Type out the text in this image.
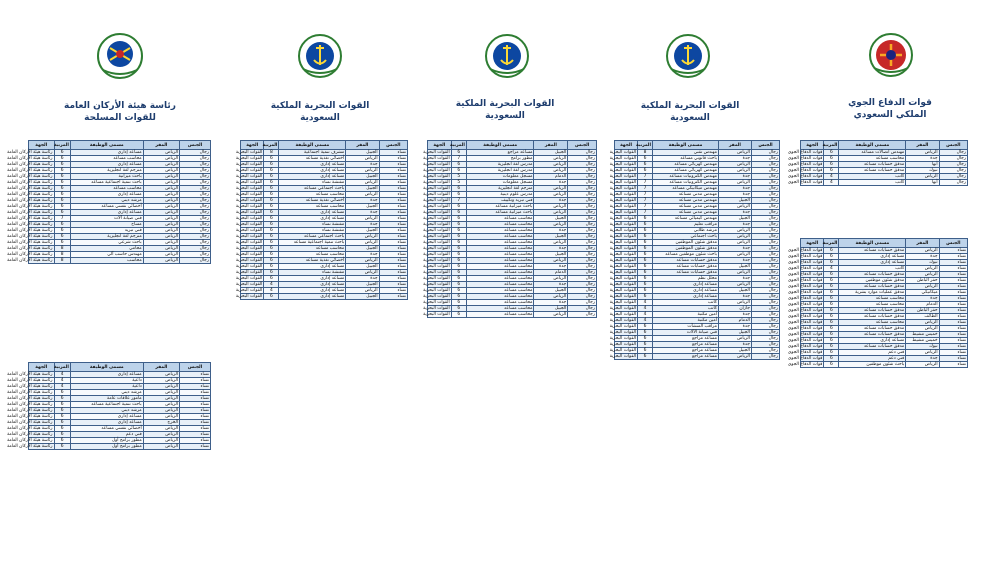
قوات الدفاع الجوي
الملكي السعودي
الجنس	المقر	مسمى الوظيفة	المرتبة	الجهة
رجال	الرياض	مهندس اتصالات مساعد	6	قوات الدفاع الجوي
رجال	جدة	محاسب مساعد	6	قوات الدفاع الجوي
رجال	أبها	مدقق حسابات مساعد	6	قوات الدفاع الجوي
رجال	تبوك	مدقق حسابات مساعد	6	قوات الدفاع الجوي
رجال	الرياض	كاتب	4	قوات الدفاع الجوي
رجال	أبها	كاتب	4	قوات الدفاع الجوي
الجنس	المقر	مسمى الوظيفة	المرتبة	الجهة
نساء	الرياض	مدقق حسابات مساعد	6	قوات الدفاع الجوي
نساء	جدة	مساعد إداري	6	قوات الدفاع الجوي
نساء	تبوك	مساعد إداري	6	قوات الدفاع الجوي
نساء	الرياض	كاتب	4	قوات الدفاع الجوي
نساء	الرياض	مدقق حسابات مساعد	6	قوات الدفاع الجوي
نساء	حفر الباطن	مدقق شئون موظفين	6	قوات الدفاع الجوي
نساء	الرياض	مدقق حسابات مساعد	6	قوات الدفاع الجوي
نساء	ميكانيكي	مدقق عمليات موارد بشرية	6	قوات الدفاع الجوي
نساء	جدة	محاسب مساعد	6	قوات الدفاع الجوي
نساء	الدمام	محاسب مساعد	6	قوات الدفاع الجوي
نساء	حفر الباطن	مدقق حسابات مساعد	6	قوات الدفاع الجوي
نساء	الطائف	مدقق حسابات مساعد	6	قوات الدفاع الجوي
نساء	الرياض	محاسب مساعد	6	قوات الدفاع الجوي
نساء	الرياض	مدقق حسابات مساعد	6	قوات الدفاع الجوي
نساء	خميس مشيط	مدقق حسابات مساعد	6	قوات الدفاع الجوي
نساء	خميس مشيط	مساعد إداري	6	قوات الدفاع الجوي
نساء	تبوك	مدقق حسابات مساعد	6	قوات الدفاع الجوي
نساء	الرياض	فني دعم	6	قوات الدفاع الجوي
نساء	جدة	فني دعم	6	قوات الدفاع الجوي
نساء	الرياض	باحث شئون موظفين	6	قوات الدفاع الجوي
القوات البحرية الملكية
السعودية
الجنس	المقر	مسمى الوظيفة	المرتبة	الجهة
رجال	الرياض	مهندس تقني	8	القوات البحرية
رجال	جدة	باحث قانوني مساعد	6	القوات البحرية
رجال	الرياض	مهندس كهربائي مساعد	6	القوات البحرية
رجال	الرياض	مهندس كهربائي مساعد	6	القوات البحرية
رجال	جدة	مهندس الكترونيات مساعد	7	القوات البحرية
رجال	الرياض	مهندس الكترونيات مساعد	7	القوات البحرية
رجال	جدة	مهندس ميكانيكي مساعد	7	القوات البحرية
رجال	جدة	مهندس مدني مساعد	7	القوات البحرية
رجال	الجبيل	مهندس مدني مساعد	7	القوات البحرية
رجال	الرياض	مهندس مدني مساعد	7	القوات البحرية
رجال	جدة	مهندس مدني مساعد	7	القوات البحرية
رجال	الجبيل	مهندس كيميائي مساعد	6	القوات البحرية
رجال	جدة	مراقب تعليم	6	القوات البحرية
رجال	الرياض	مرشد طلابي	6	القوات البحرية
رجال	الرياض	باحث اجتماعي	6	القوات البحرية
رجال	الرياض	مدقق شئون الموظفين	6	القوات البحرية
رجال	جدة	مدقق شئون الموظفين	6	القوات البحرية
رجال	الرياض	باحث شئون موظفين مساعد	6	القوات البحرية
رجال	جدة	مدقق حسابات مساعد	6	القوات البحرية
رجال	الجبيل	مدقق حسابات مساعد	6	القوات البحرية
رجال	الرياض	مدقق حسابات مساعد	6	القوات البحرية
رجال	جدة	محلل نظم	6	القوات البحرية
رجال	الرياض	مساعد إداري	6	القوات البحرية
رجال	الجبيل	مساعد إداري	6	القوات البحرية
رجال	جدة	مساعد إداري	6	القوات البحرية
رجال	الرياض	كاتب	4	القوات البحرية
رجال	جازان	كاتب	4	القوات البحرية
رجال	جدة	أمين مكتبة	4	القوات البحرية
رجال	الدمام	أمين مكتبة	4	القوات البحرية
رجال	جدة	مراقب المنشآت	6	القوات البحرية
رجال	الجبيل	فني صيانة الآلات	6	القوات البحرية
رجال	الرياض	مساعد مراجع	6	القوات البحرية
رجال	جدة	مساعد مراجع	6	القوات البحرية
رجال	الجبيل	مساعد مراجع	6	القوات البحرية
رجال	الرياض	مساعد مراجع	6	القوات البحرية
القوات البحرية الملكية
السعودية
الجنس	المقر	مسمى الوظيفة	المرتبة	الجهة
رجال	الجبيل	مساعد مراجع	6	القوات البحرية
رجال	الرياض	مطور برامج	7	القوات البحرية
رجال	الرياض	مدرس لغة انجليزية	6	القوات البحرية
رجال	الرياض	مدرس لغة انجليزية	6	القوات البحرية
رجال	الدمام	مسجل معلومات	5	القوات البحرية
رجال	جدة	مسجل معلومات	5	القوات البحرية
رجال	الرياض	مترجم لغة انجليزية	6	القوات البحرية
رجال	الرياض	مدرس علوم دينية	6	القوات البحرية
رجال	جدة	فني تبريد وتكييف	7	القوات البحرية
رجال	الرياض	باحث ميزانية مساعد	6	القوات البحرية
رجال	الرياض	باحث ميزانية مساعد	6	القوات البحرية
رجال	الجبيل	محاسب مساعد	6	القوات البحرية
رجال	الرياض	محاسب مساعد	6	القوات البحرية
رجال	جدة	محاسب مساعد	6	القوات البحرية
رجال	الجبيل	محاسب مساعد	6	القوات البحرية
رجال	الرياض	محاسب مساعد	6	القوات البحرية
رجال	جدة	محاسب مساعد	6	القوات البحرية
رجال	الجبيل	محاسب مساعد	6	القوات البحرية
رجال	الرياض	محاسب مساعد	6	القوات البحرية
رجال	جدة	محاسب مساعد	6	القوات البحرية
رجال	الدمام	محاسب مساعد	6	القوات البحرية
رجال	الرياض	محاسب مساعد	6	القوات البحرية
رجال	جدة	محاسب مساعد	6	القوات البحرية
رجال	الجبيل	محاسب مساعد	6	القوات البحرية
رجال	الرياض	محاسب مساعد	6	القوات البحرية
رجال	جدة	محاسب مساعد	6	القوات البحرية
رجال	الجبيل	محاسب مساعد	6	القوات البحرية
رجال	الرياض	محاسب مساعد	6	القوات البحرية
القوات البحرية الملكية
السعودية
الجنس	المقر	مسمى الوظيفة	المرتبة	الجهة
نساء	الجبيل	مشرف تنمية اجتماعية	8	القوات البحرية
نساء	الرياض	أخصائي تغذية مساعد	6	القوات البحرية
نساء	جدة	مساعد إداري	6	القوات البحرية
نساء	الرياض	مساعد إداري	6	القوات البحرية
نساء	الجبيل	مساعد إداري	6	القوات البحرية
نساء	الرياض	مفتشة نساء	6	القوات البحرية
نساء	الجبيل	باحث اجتماعي مساعد	6	القوات البحرية
نساء	الرياض	محاسب مساعد	6	القوات البحرية
نساء	جدة	أخصائي تغذية مساعد	6	القوات البحرية
نساء	الجبيل	محاسب مساعد	6	القوات البحرية
نساء	جدة	مساعد إداري	6	القوات البحرية
نساء	الرياض	مساعد إداري	6	القوات البحرية
نساء	جدة	مفتشة نساء	6	القوات البحرية
نساء	الجبيل	مفتشة نساء	6	القوات البحرية
نساء	الرياض	باحث اجتماعي مساعد	6	القوات البحرية
نساء	الرياض	باحث تنمية اجتماعية مساعد	6	القوات البحرية
نساء	الجبيل	محاسب مساعد	6	القوات البحرية
نساء	جدة	محاسب مساعد	6	القوات البحرية
نساء	الرياض	أخصائي تغذية مساعد	6	القوات البحرية
نساء	الجبيل	مساعد إداري	6	القوات البحرية
نساء	الرياض	مفتشة نساء	6	القوات البحرية
نساء	جدة	مساعد إداري	6	القوات البحرية
نساء	الجبيل	مساعد إداري	4	القوات البحرية
نساء	الرياض	مساعد إداري	4	القوات البحرية
نساء	الجبيل	مساعد إداري	6	القوات البحرية
رئاسة هيئة الأركان العامة
للقوات المسلحة
الجنس	المقر	مسمى الوظيفة	المرتبة	الجهة
رجال	الرياض	مساعد إداري	6	رئاسة هيئة الأركان العامة
رجال	الرياض	محاسب مساعد	6	رئاسة هيئة الأركان العامة
رجال	الرياض	مساعد إداري	6	رئاسة هيئة الأركان العامة
رجال	الرياض	مترجم لغة انجليزية	6	رئاسة هيئة الأركان العامة
رجال	الرياض	باحث ميزانية	6	رئاسة هيئة الأركان العامة
رجال	الرياض	باحث تنمية اجتماعية مساعد	6	رئاسة هيئة الأركان العامة
رجال	الرياض	محاسب مساعد	6	رئاسة هيئة الأركان العامة
رجال	الرياض	مساعد إداري	6	رئاسة هيئة الأركان العامة
رجال	الرياض	مرشد ديني	6	رئاسة هيئة الأركان العامة
رجال	الرياض	أخصائي نفسي مساعد	6	رئاسة هيئة الأركان العامة
رجال	الرياض	مساعد إداري	6	رئاسة هيئة الأركان العامة
رجال	الرياض	فني صيانة آلات	7	رئاسة هيئة الأركان العامة
رجال	الرياض	مساح	6	رئاسة هيئة الأركان العامة
رجال	الرياض	فني تبريد	6	رئاسة هيئة الأركان العامة
رجال	الرياض	مترجم لغة انجليزية	6	رئاسة هيئة الأركان العامة
رجال	الرياض	باحث شرعي	6	رئاسة هيئة الأركان العامة
رجال	الرياض	محامي	8	رئاسة هيئة الأركان العامة
رجال	الرياض	مهندس حاسب آلي	8	رئاسة هيئة الأركان العامة
رجال	الرياض	محاسب	8	رئاسة هيئة الأركان العامة
الجنس	المقر	مسمى الوظيفة	المرتبة	الجهة
نساء	الرياض	مساعد إداري	4	رئاسة هيئة الأركان العامة
نساء	الرياض	داعية	4	رئاسة هيئة الأركان العامة
نساء	الرياض	داعية	4	رئاسة هيئة الأركان العامة
نساء	الرياض	مرشد ديني	6	رئاسة هيئة الأركان العامة
نساء	الرياض	مأمور علاقات عامة	6	رئاسة هيئة الأركان العامة
نساء	الرياض	باحث تنمية اجتماعية مساعد	6	رئاسة هيئة الأركان العامة
نساء	الرياض	مرشد ديني	6	رئاسة هيئة الأركان العامة
نساء	الرياض	مساعد إداري	6	رئاسة هيئة الأركان العامة
نساء	الخرج	مساعد إداري	6	رئاسة هيئة الأركان العامة
نساء	الرياض	أخصائي نفسي مساعد	6	رئاسة هيئة الأركان العامة
نساء	الرياض	فني دعم	6	رئاسة هيئة الأركان العامة
نساء	الرياض	مطور برامج أول	6	رئاسة هيئة الأركان العامة
نساء	الرياض	مطور برامج أول	6	رئاسة هيئة الأركان العامة
